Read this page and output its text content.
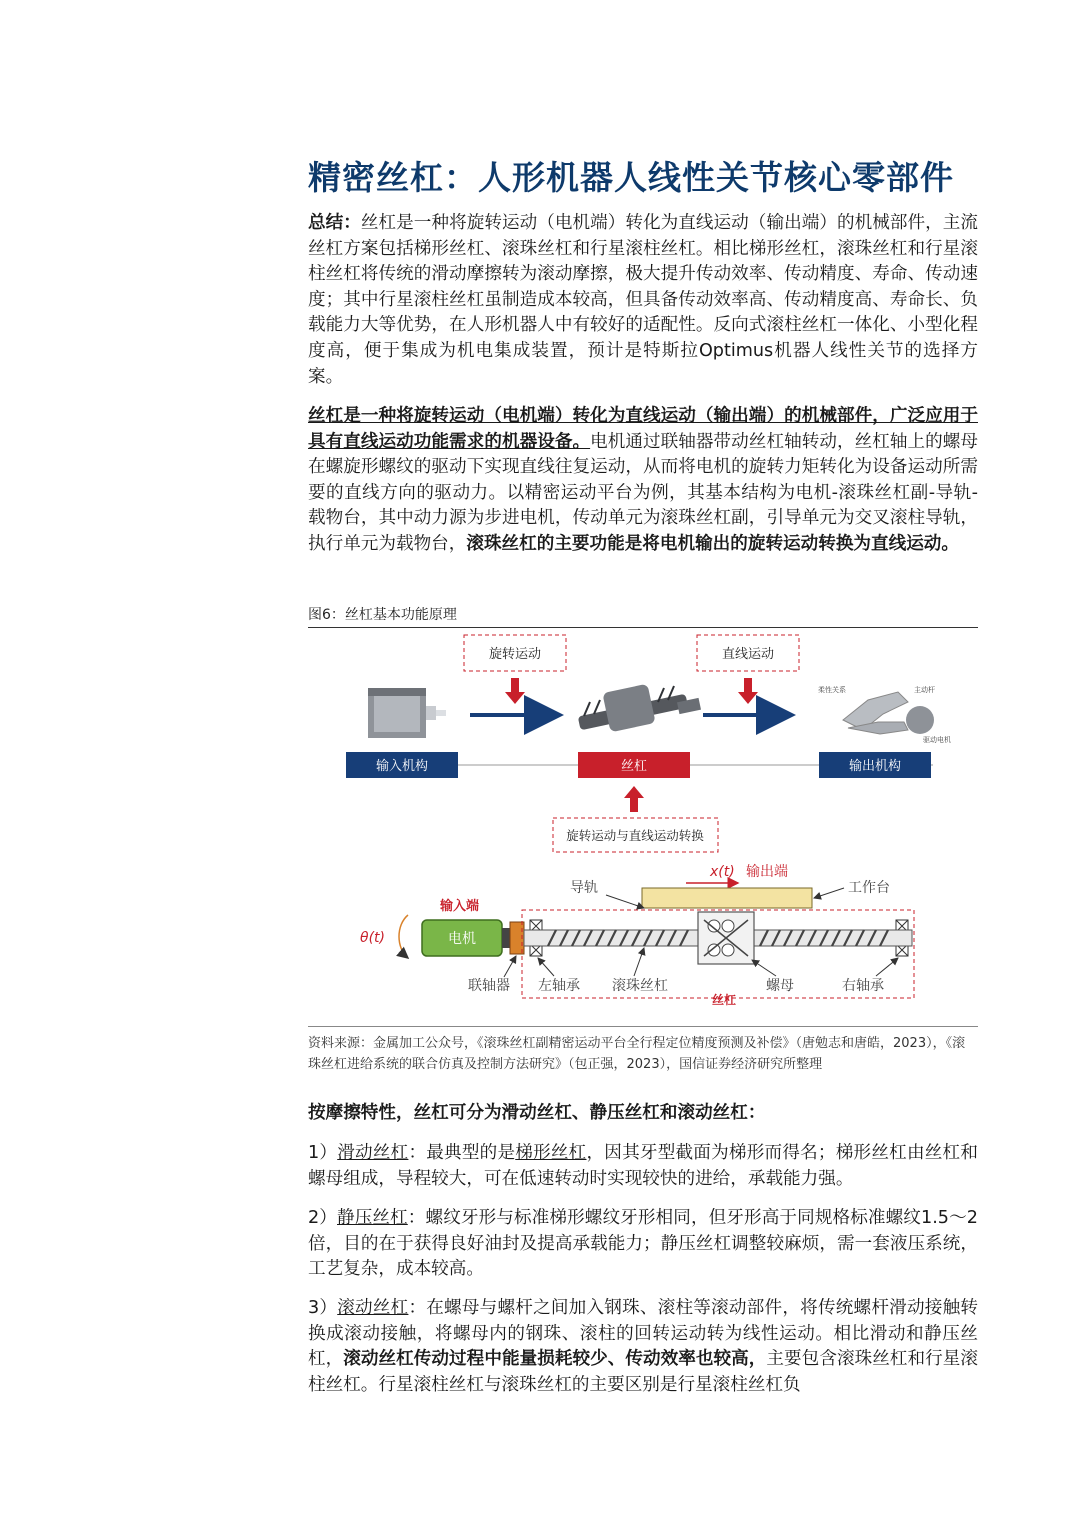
精密丝杠：人形机器人线性关节核心零部件

总结：丝杠是一种将旋转运动（电机端）转化为直线运动（输出端）的机械部件，主流丝杠方案包括梯形丝杠、滚珠丝杠和行星滚柱丝杠。相比梯形丝杠，滚珠丝杠和行星滚柱丝杠将传统的滑动摩擦转为滚动摩擦，极大提升传动效率、传动精度、寿命、传动速度；其中行星滚柱丝杠虽制造成本较高，但具备传动效率高、传动精度高、寿命长、负载能力大等优势，在人形机器人中有较好的适配性。反向式滚柱丝杠一体化、小型化程度高，便于集成为机电集成装置，预计是特斯拉Optimus机器人线性关节的选择方案。

丝杠是一种将旋转运动（电机端）转化为直线运动（输出端）的机械部件，广泛应用于具有直线运动功能需求的机器设备。电机通过联轴器带动丝杠轴转动，丝杠轴上的螺母在螺旋形螺纹的驱动下实现直线往复运动，从而将电机的旋转力矩转化为设备运动所需要的直线方向的驱动力。以精密运动平台为例，其基本结构为电机-滚珠丝杠副-导轨-载物台，其中动力源为步进电机，传动单元为滚珠丝杠副，引导单元为交叉滚柱导轨，执行单元为载物台，滚珠丝杠的主要功能是将电机输出的旋转运动转换为直线运动。

图6：丝杠基本功能原理
旋转运动	直线运动
柔性关系	主动杆
驱动电机
输入机构	丝杠	输出机构
旋转运动与直线运动转换
x(t) 输出端
导轨	工作台
θ(t)
输入端
电机
联轴器 左轴承 滚珠丝杠	螺母	右轴承
丝杠

资料来源：金属加工公众号，《滚珠丝杠副精密运动平台全行程定位精度预测及补偿》（唐勉志和唐皓，2023），《滚珠丝杠进给系统的联合仿真及控制方法研究》（包正强，2023），国信证券经济研究所整理

按摩擦特性，丝杠可分为滑动丝杠、静压丝杠和滚动丝杠：

1）滑动丝杠：最典型的是梯形丝杠，因其牙型截面为梯形而得名；梯形丝杠由丝杠和螺母组成，导程较大，可在低速转动时实现较快的进给，承载能力强。

2）静压丝杠：螺纹牙形与标准梯形螺纹牙形相同，但牙形高于同规格标准螺纹1.5～2倍，目的在于获得良好油封及提高承载能力；静压丝杠调整较麻烦，需一套液压系统，工艺复杂，成本较高。

3）滚动丝杠：在螺母与螺杆之间加入钢珠、滚柱等滚动部件，将传统螺杆滑动接触转换成滚动接触，将螺母内的钢珠、滚柱的回转运动转为线性运动。相比滑动和静压丝杠，滚动丝杠传动过程中能量损耗较少、传动效率也较高，主要包含滚珠丝杠和行星滚柱丝杠。行星滚柱丝杠与滚珠丝杠的主要区别是行星滚柱丝杠负
